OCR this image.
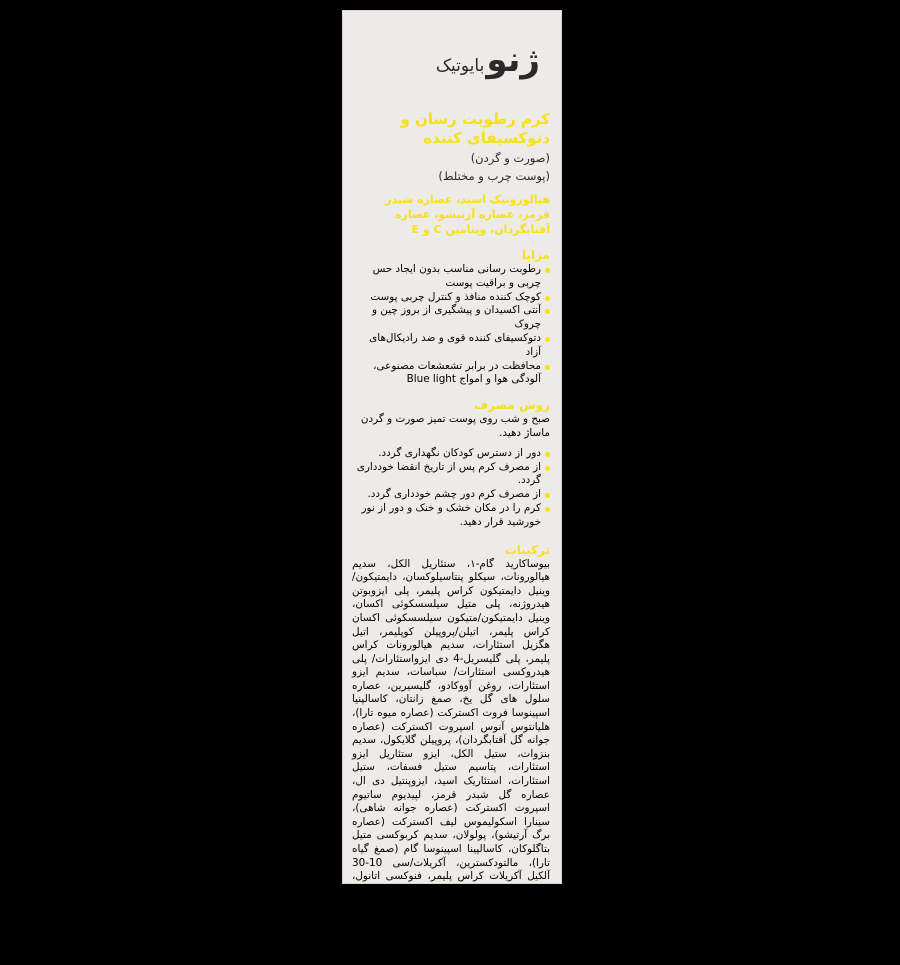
ژنو
بایوتیک
کرم رطوبت رسان و
دتوکسیفای کننده
(صورت و گردن)
(پوست چرب و مختلط)
هیالورونیک اسید، عصاره شبدر قرمز، عصاره آرتیشو، عصاره آفتابگردان، ویتامین C و E
مزایا
رطوبت رسانی مناسب بدون ایجاد حس چربی و براقیت پوست
کوچک کننده منافذ و کنترل چربی پوست
آنتی اکسیدان و پیشگیری از بروز چین و چروک
دتوکسیفای کننده قوی و ضد رادیکال‌های آزاد
محافظت در برابر تشعشعات مصنوعی، آلودگی هوا و امواج Blue light
روش مصرف

صبح و شب روی پوست تمیز صورت و گردن ماساژ دهید.

دور از دسترس کودکان نگهداری گردد.
از مصرف کرم پس از تاریخ انقضا خودداری گردد.
از مصرف کرم دور چشم خودداری گردد.
کرم را در مکان خشک و خنک و دور از نور خورشید قرار دهید.
ترکیبات

بیوساکارید گام-۱، ستئاریل الکل، سدیم هیالورونات، سیکلو پنتاسیلوکسان، دایمتیکون/وینیل دایمتیکون کراس پلیمر، پلی ایزوبوتن هیدروژنه، پلی متیل سیلسسکوئی اکسان، وینیل دایمتیکون/متیکون سیلسسکوئی اکسان کراس پلیمر، اتیلن/پروپیلن کوپلیمر، اتیل هگزیل استئارات، سدیم هیالورونات کراس پلیمر، پلی گلیسریل-4 دی ایزواستئارات/ پلی هیدروکسی استئارات/ سباسات، سدیم ایزو استئارات، روغن آووکادو، گلیسیرین، عصاره سلول های گل یخ، صمغ زانتان، کاسالپنیا اسپینوسا فروت اکسترکت (عصاره میوه تارا)، هلیانتوس آنوس اسپروت اکسترکت (عصاره جوانه گل آفتابگردان)، پروپیلن گلایکول، سدیم بنزوات، ستیل الکل، ایزو ستئاریل ایزو استئارات، پتاسیم ستیل فسفات، ستیل استئارات، استئاریک اسید، ایزوپنتیل دی ال، عصاره گل شبدر قرمز، لپیدیوم ساتیوم اسپروت اکسترکت (عصاره جوانه شاهی)، سینارا اسکولیموس لیف اکسترکت (عصاره برگ آرتیشو)، پولولان، سدیم کربوکسی متیل بتاگلوکان، کاسالپینا اسپینوسا گام (صمغ گیاه تارا)، مالتودکسترین، آکریلات/سی 10-30 آلکیل آکریلات کراس پلیمر، فنوکسی اتانول، کاپریلیل گلایکول، موم زنبور عسل، سیلیکا دی متیل سیلیلات، فسفولیپیدز، توکوفریل استات، رتنیل پالمیتات، پانتوتنیک اسید، آسکوربیل پالمیتات، عصاره برگ آلوئه ورا، اسانس مجاز آرایشی و بهداشتی، دی سدیم ا.د.ت.ا، آب دیونیزه.
